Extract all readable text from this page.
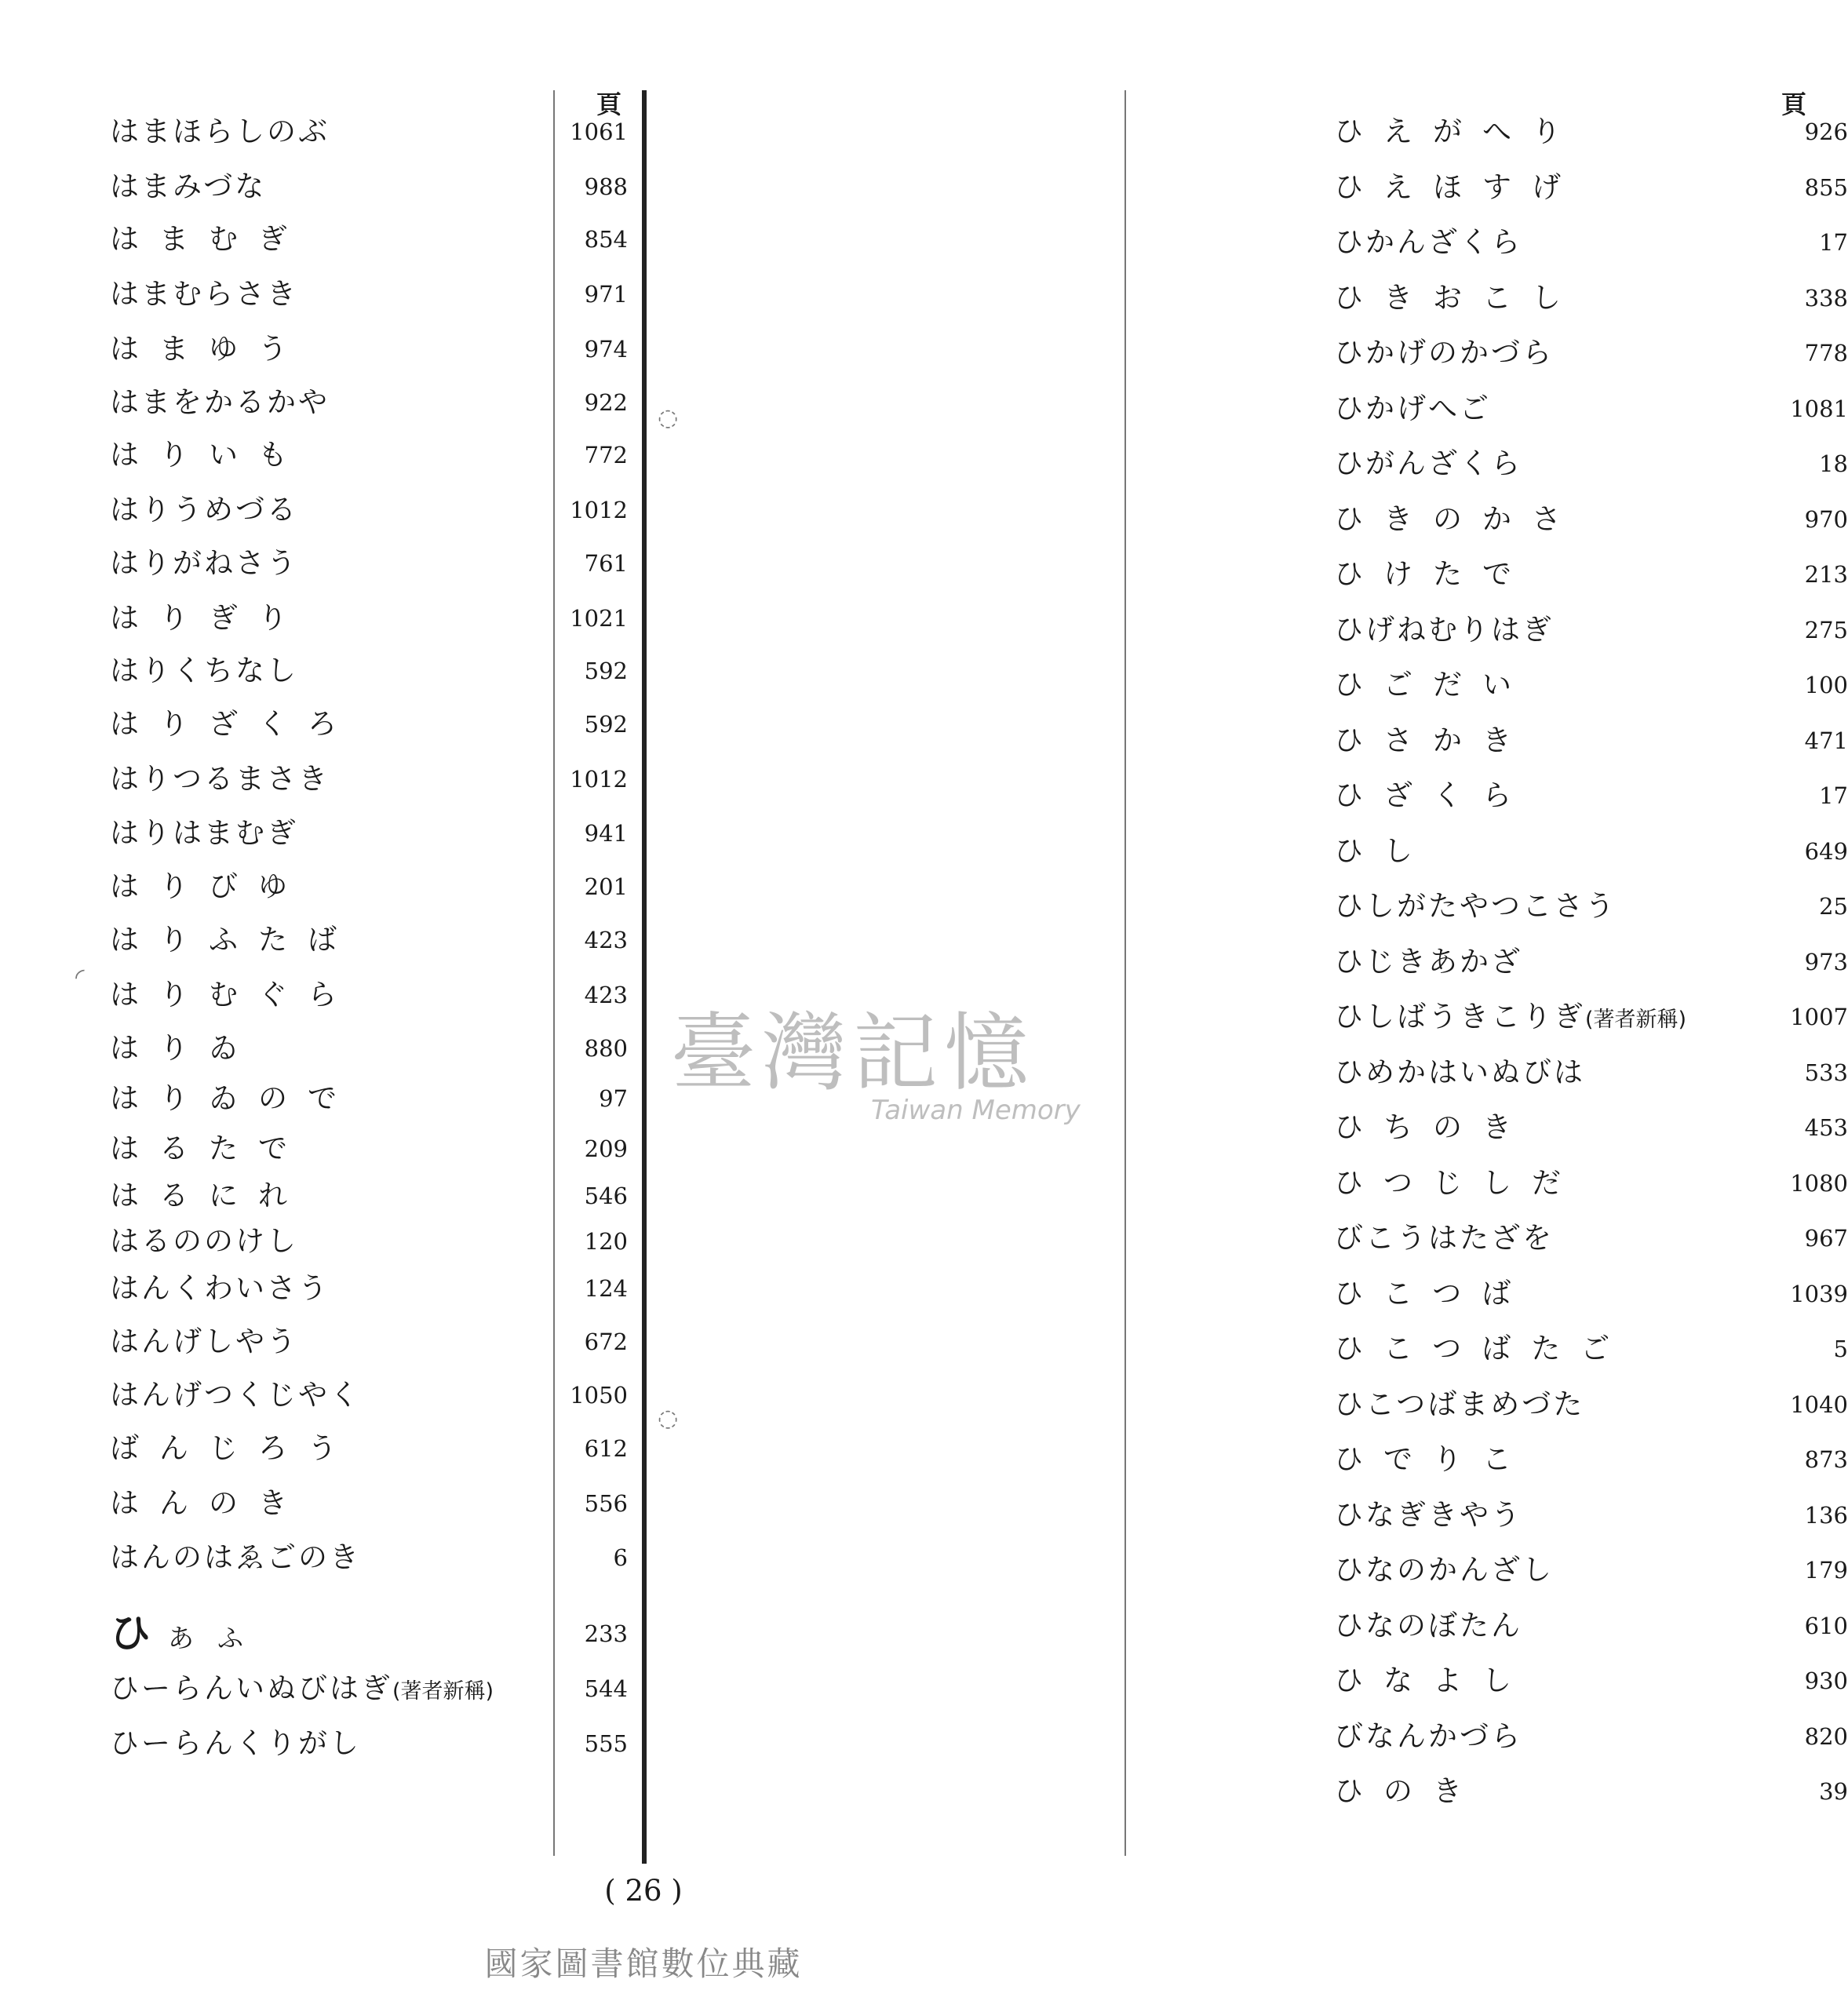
頁
はまほらしのぶ	1061
はまみづな	988
はまむぎ	854
はまむらさき	971
はまゆう	974
はまをかるかや	922
はりいも	772
はりうめづる	1012
はりがねさう	761
はりぎり	1021
はりくちなし	592
はりざくろ	592
はりつるまさき	1012
はりはまむぎ	941
はりびゆ	201
はりふたば	423
はりむぐら	423
はりゐ	880
はりゐので	97
はるたで	209
はるにれ	546
はるののけし	120
はんくわいさう	124
はんげしやう	672
はんげつくじやく	1050
ばんじろう	612
はんのき	556
はんのはゑごのき	6
ひあふ	233
ひーらんいぬびはぎ(著者新稱)	544
ひーらんくりがし	555
頁
ひえがへり	926
ひえほすげ	855
ひかんざくら	17
ひきおこし	338
ひかげのかづら	778
ひかげへご	1081
ひがんざくら	18
ひきのかさ	970
ひけたで	213
ひげねむりはぎ	275
ひごだい	100
ひさかき	471
ひざくら	17
ひし	649
ひしがたやつこさう	25
ひじきあかざ	973
ひしばうきこりぎ(著者新稱)	1007
ひめかはいぬびは	533
ひちのき	453
ひつじしだ	1080
びこうはたざを	967
ひこつば	1039
ひこつばたご	5
ひこつばまめづた	1040
ひでりこ	873
ひなぎきやう	136
ひなのかんざし	179
ひなのぼたん	610
ひなよし	930
びなんかづら	820
ひのき	39
臺灣記憶
Taiwan Memory
( 26 )
國家圖書館數位典藏
◜
◌
◌
